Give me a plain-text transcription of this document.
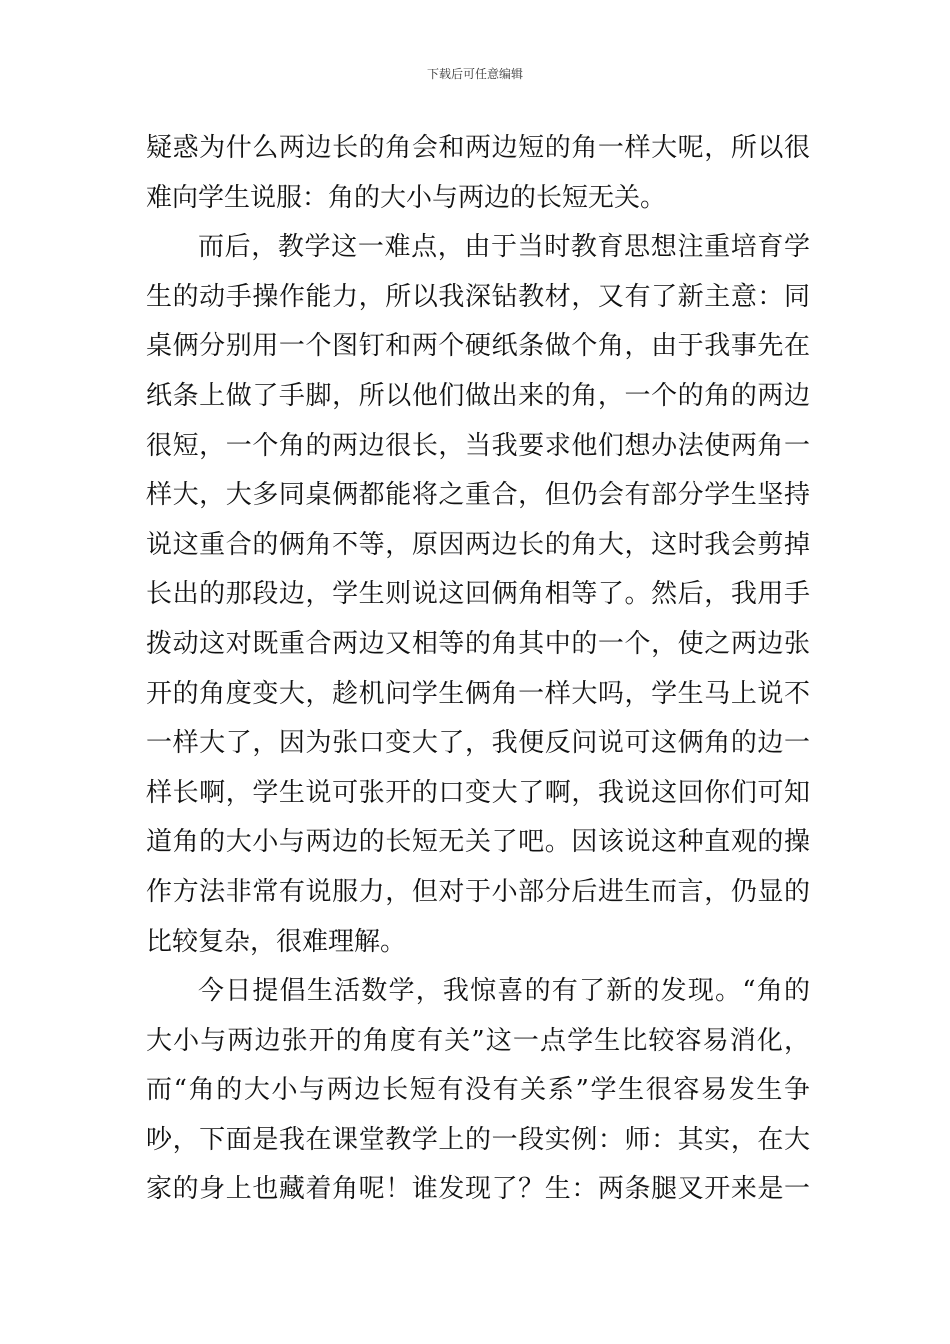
下载后可任意编辑
疑惑为什么两边长的角会和两边短的角一样大呢，所以很
难向学生说服：角的大小与两边的长短无关。
而后，教学这一难点，由于当时教育思想注重培育学
生的动手操作能力，所以我深钻教材，又有了新主意：同
桌俩分别用一个图钉和两个硬纸条做个角，由于我事先在
纸条上做了手脚，所以他们做出来的角，一个的角的两边
很短，一个角的两边很长，当我要求他们想办法使两角一
样大，大多同桌俩都能将之重合，但仍会有部分学生坚持
说这重合的俩角不等，原因两边长的角大，这时我会剪掉
长出的那段边，学生则说这回俩角相等了。然后，我用手
拨动这对既重合两边又相等的角其中的一个，使之两边张
开的角度变大，趁机问学生俩角一样大吗，学生马上说不
一样大了，因为张口变大了，我便反问说可这俩角的边一
样长啊，学生说可张开的口变大了啊，我说这回你们可知
道角的大小与两边的长短无关了吧。因该说这种直观的操
作方法非常有说服力，但对于小部分后进生而言，仍显的
比较复杂，很难理解。
今日提倡生活数学，我惊喜的有了新的发现。“角的
大小与两边张开的角度有关”这一点学生比较容易消化，
而“角的大小与两边长短有没有关系”学生很容易发生争
吵，下面是我在课堂教学上的一段实例：师：其实，在大
家的身上也藏着角呢！谁发现了？生：两条腿叉开来是一
